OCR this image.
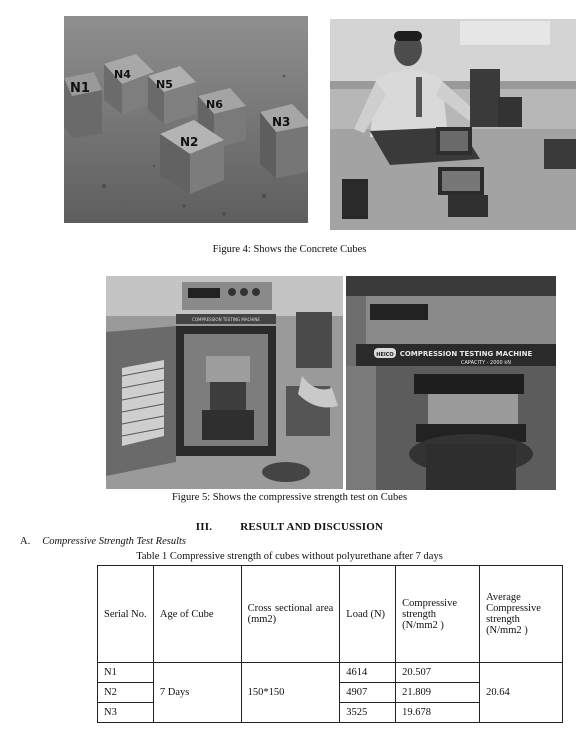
N1
N4
N5
N6
N2
N3
Figure 4: Shows the Concrete Cubes
COMPRESSION TESTING MACHINE
COMPRESSION TESTING MACHINE
CAPACITY - 2000 kN
HEICO
Figure 5: Shows the compressive strength test on Cubes
III.	RESULT AND DISCUSSION
A. Compressive Strength Test Results
Table 1 Compressive strength of cubes without polyurethane after 7 days
Serial No.	Age of Cube	Cross sectional area (mm2)	Load (N)	Compressive strength (N/mm2 )	Average Compressive strength (N/mm2 )
N1	7 Days	150*150	4614	20.507	20.64
N2			4907	21.809	
N3			3525	19.678	
